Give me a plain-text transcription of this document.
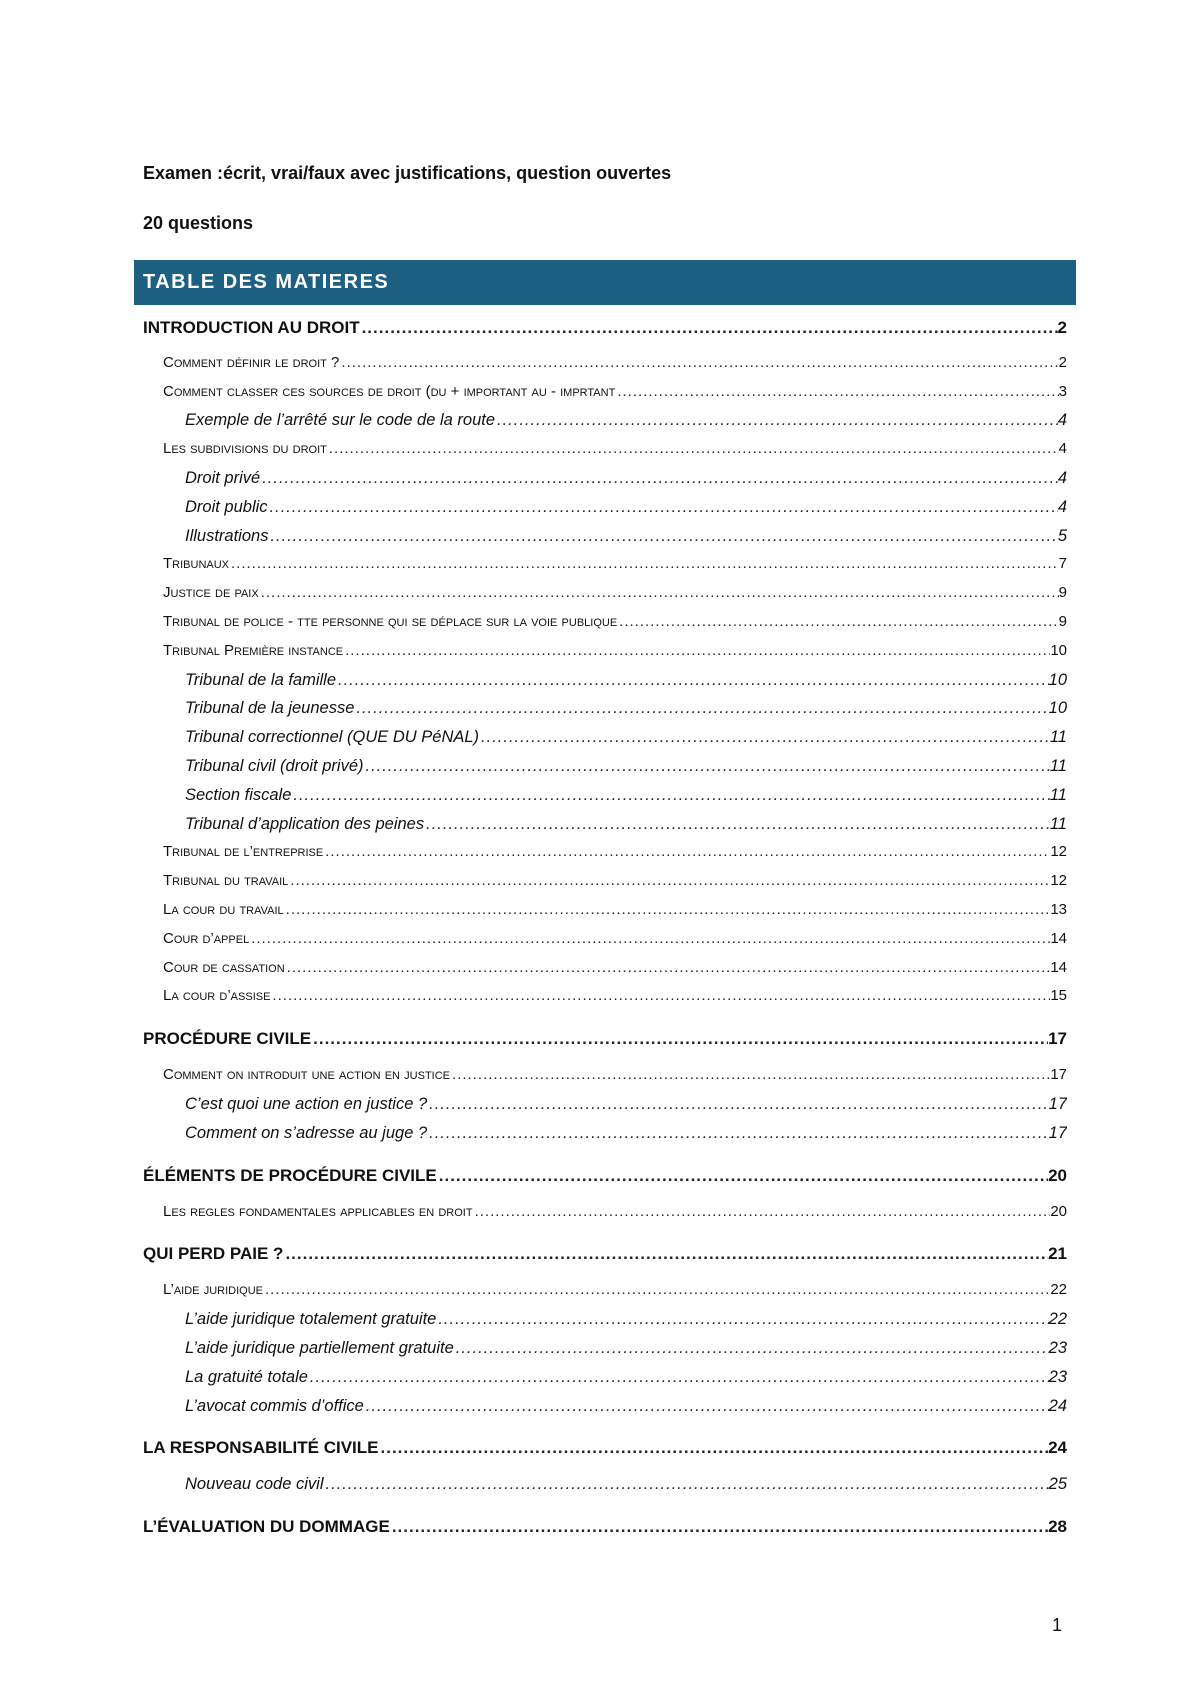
Examen :écrit, vrai/faux avec justifications, question ouvertes

20 questions

TABLE DES MATIERES
INTRODUCTION AU DROIT .....	2
Comment définir le droit ? .....	2
Comment classer ces sources de droit (du + important au - imprtant .....	3
Exemple de l’arrêté sur le code de la route .....	4
Les subdivisions du droit .....	4
Droit privé .....	4
Droit public .....	4
Illustrations .....	5
Tribunaux .....	7
Justice de paix .....	9
Tribunal de police - tte personne qui se déplace sur la voie publique .....	9
Tribunal Première instance .....	10
Tribunal de la famille .....	10
Tribunal de la jeunesse .....	10
Tribunal correctionnel (QUE DU PéNAL) .....	11
Tribunal civil (droit privé) .....	11
Section fiscale .....	11
Tribunal d’application des peines .....	11
Tribunal de l’entreprise .....	12
Tribunal du travail .....	12
La cour du travail .....	13
Cour d’appel .....	14
Cour de cassation .....	14
La cour d’assise .....	15
PROCÉDURE CIVILE .....	17
Comment on introduit une action en justice .....	17
C’est quoi une action en justice ? .....	17
Comment on s’adresse au juge ? .....	17
ÉLÉMENTS DE PROCÉDURE CIVILE .....	20
Les regles fondamentales applicables en droit .....	20
QUI PERD PAIE ? .....	21
L’aide juridique .....	22
L’aide juridique totalement gratuite .....	22
L’aide juridique partiellement gratuite .....	23
La gratuité totale .....	23
L’avocat commis d’office .....	24
LA RESPONSABILITÉ CIVILE .....	24
Nouveau code civil .....	25
L’ÉVALUATION DU DOMMAGE .....	28
1
